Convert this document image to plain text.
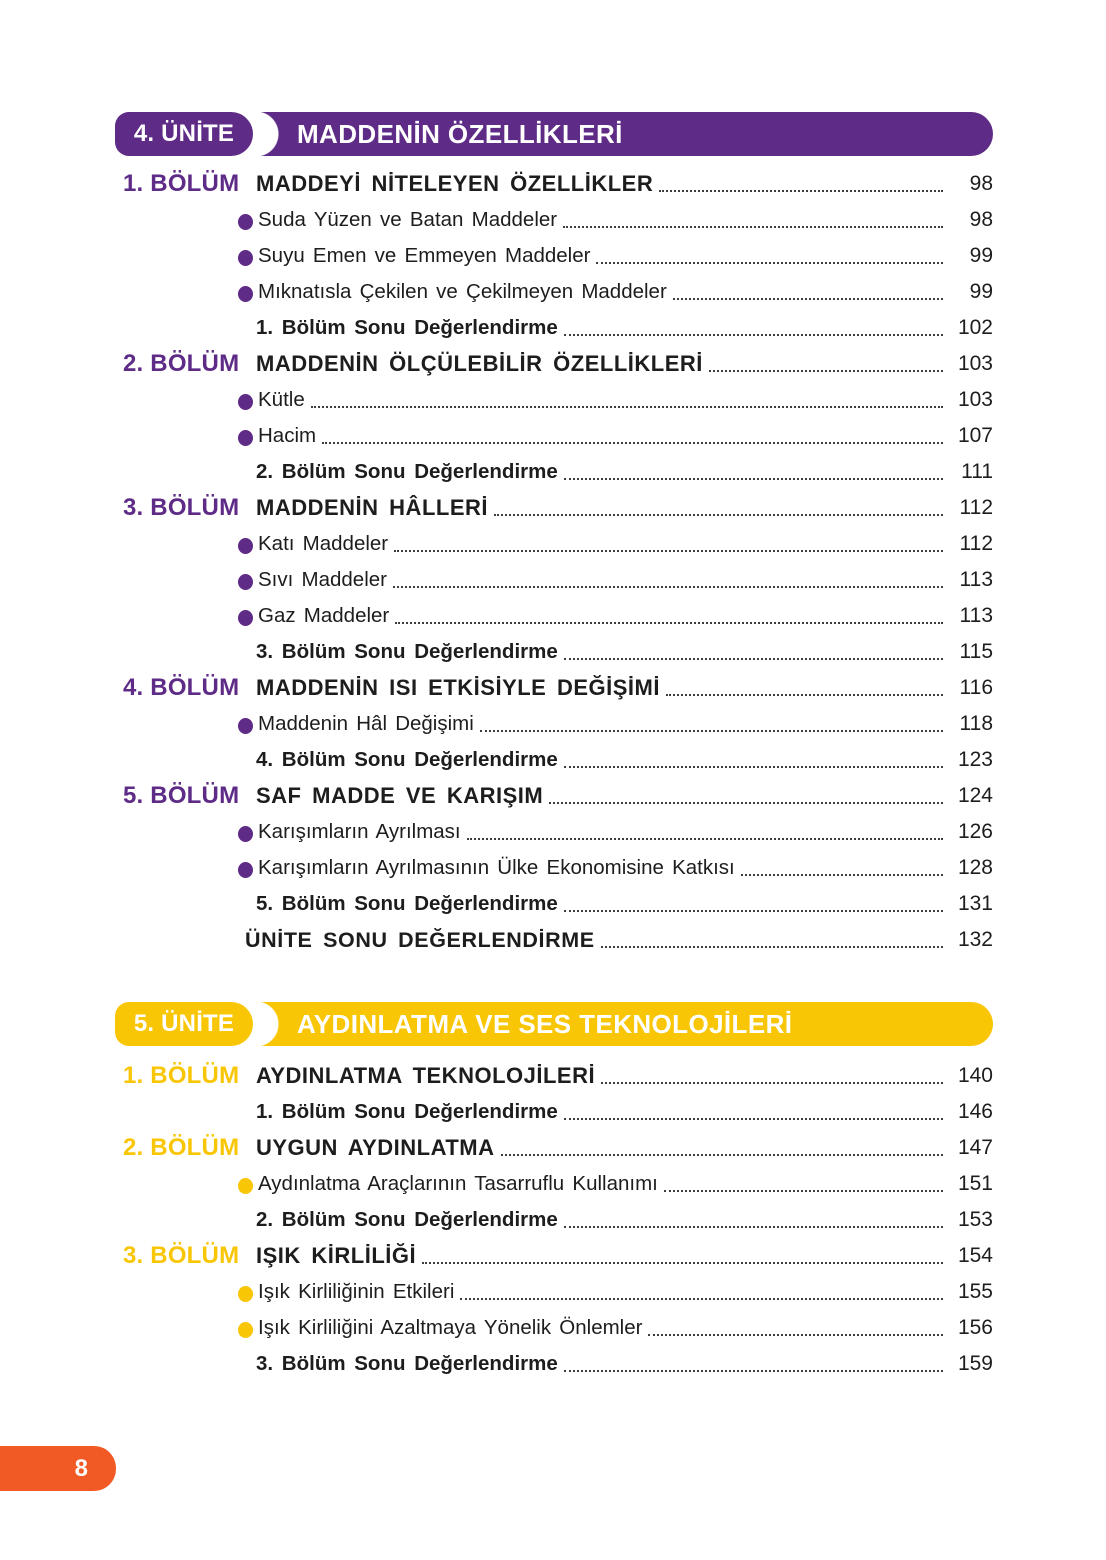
4. ÜNİTE	MADDENİN ÖZELLİKLERİ
1. BÖLÜM MADDEYİ NİTELEYEN ÖZELLİKLER	98
Suda Yüzen ve Batan Maddeler	98
Suyu Emen ve Emmeyen Maddeler	99
Mıknatısla Çekilen ve Çekilmeyen Maddeler	99
1. Bölüm Sonu Değerlendirme	102
2. BÖLÜM MADDENİN ÖLÇÜLEBİLİR ÖZELLİKLERİ	103
Kütle	103
Hacim	107
2. Bölüm Sonu Değerlendirme	111
3. BÖLÜM MADDENİN HÂLLERİ	112
Katı Maddeler	112
Sıvı Maddeler	113
Gaz Maddeler	113
3. Bölüm Sonu Değerlendirme	115
4. BÖLÜM MADDENİN ISI ETKİSİYLE DEĞİŞİMİ	116
Maddenin Hâl Değişimi	118
4. Bölüm Sonu Değerlendirme	123
5. BÖLÜM SAF MADDE VE KARIŞIM	124
Karışımların Ayrılması	126
Karışımların Ayrılmasının Ülke Ekonomisine Katkısı	128
5. Bölüm Sonu Değerlendirme	131
ÜNİTE SONU DEĞERLENDİRME	132
5. ÜNİTE	AYDINLATMA VE SES TEKNOLOJİLERİ
1. BÖLÜM AYDINLATMA TEKNOLOJİLERİ	140
1. Bölüm Sonu Değerlendirme	146
2. BÖLÜM UYGUN AYDINLATMA	147
Aydınlatma Araçlarının Tasarruflu Kullanımı	151
2. Bölüm Sonu Değerlendirme	153
3. BÖLÜM IŞIK KİRLİLİĞİ	154
Işık Kirliliğinin Etkileri	155
Işık Kirliliğini Azaltmaya Yönelik Önlemler	156
3. Bölüm Sonu Değerlendirme	159
8
